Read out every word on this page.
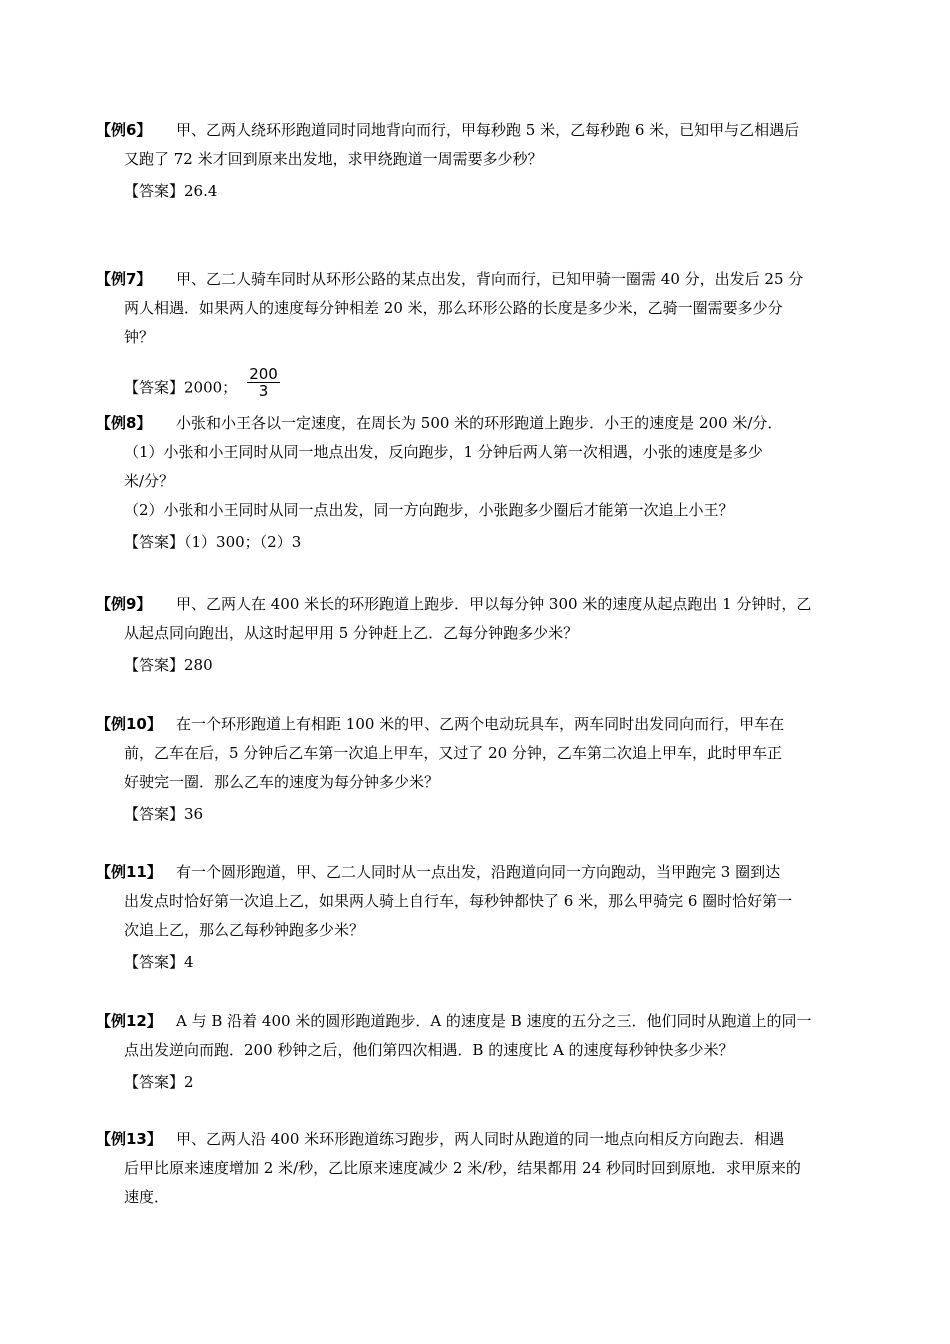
【例6】 甲、乙两人绕环形跑道同时同地背向而行，甲每秒跑 5 米，乙每秒跑 6 米，已知甲与乙相遇后
又跑了 72 米才回到原来出发地，求甲绕跑道一周需要多少秒？
【答案】26.4
【例7】 甲、乙二人骑车同时从环形公路的某点出发，背向而行，已知甲骑一圈需 40 分，出发后 25 分
两人相遇．如果两人的速度每分钟相差 20 米，那么环形公路的长度是多少米，乙骑一圈需要多少分
钟？
【答案】2000； $\frac{200}{3}$
【例8】 小张和小王各以一定速度，在周长为 500 米的环形跑道上跑步．小王的速度是 200 米/分．
（1）小张和小王同时从同一地点出发，反向跑步，1 分钟后两人第一次相遇，小张的速度是多少
米/分？
（2）小张和小王同时从同一点出发，同一方向跑步，小张跑多少圈后才能第一次追上小王？
【答案】（1）300；（2）3
【例9】 甲、乙两人在 400 米长的环形跑道上跑步．甲以每分钟 300 米的速度从起点跑出 1 分钟时，乙
从起点同向跑出，从这时起甲用 5 分钟赶上乙．乙每分钟跑多少米？
【答案】280
【例10】 在一个环形跑道上有相距 100 米的甲、乙两个电动玩具车，两车同时出发同向而行，甲车在
前，乙车在后，5 分钟后乙车第一次追上甲车，又过了 20 分钟，乙车第二次追上甲车，此时甲车正
好驶完一圈．那么乙车的速度为每分钟多少米？
【答案】36
【例11】 有一个圆形跑道，甲、乙二人同时从一点出发，沿跑道向同一方向跑动，当甲跑完 3 圈到达
出发点时恰好第一次追上乙，如果两人骑上自行车，每秒钟都快了 6 米，那么甲骑完 6 圈时恰好第一
次追上乙，那么乙每秒钟跑多少米？
【答案】4
【例12】 A 与 B 沿着 400 米的圆形跑道跑步．A 的速度是 B 速度的五分之三．他们同时从跑道上的同一
点出发逆向而跑．200 秒钟之后，他们第四次相遇．B 的速度比 A 的速度每秒钟快多少米？
【答案】2
【例13】 甲、乙两人沿 400 米环形跑道练习跑步，两人同时从跑道的同一地点向相反方向跑去．相遇
后甲比原来速度增加 2 米/秒，乙比原来速度减少 2 米/秒，结果都用 24 秒同时回到原地．求甲原来的
速度．
